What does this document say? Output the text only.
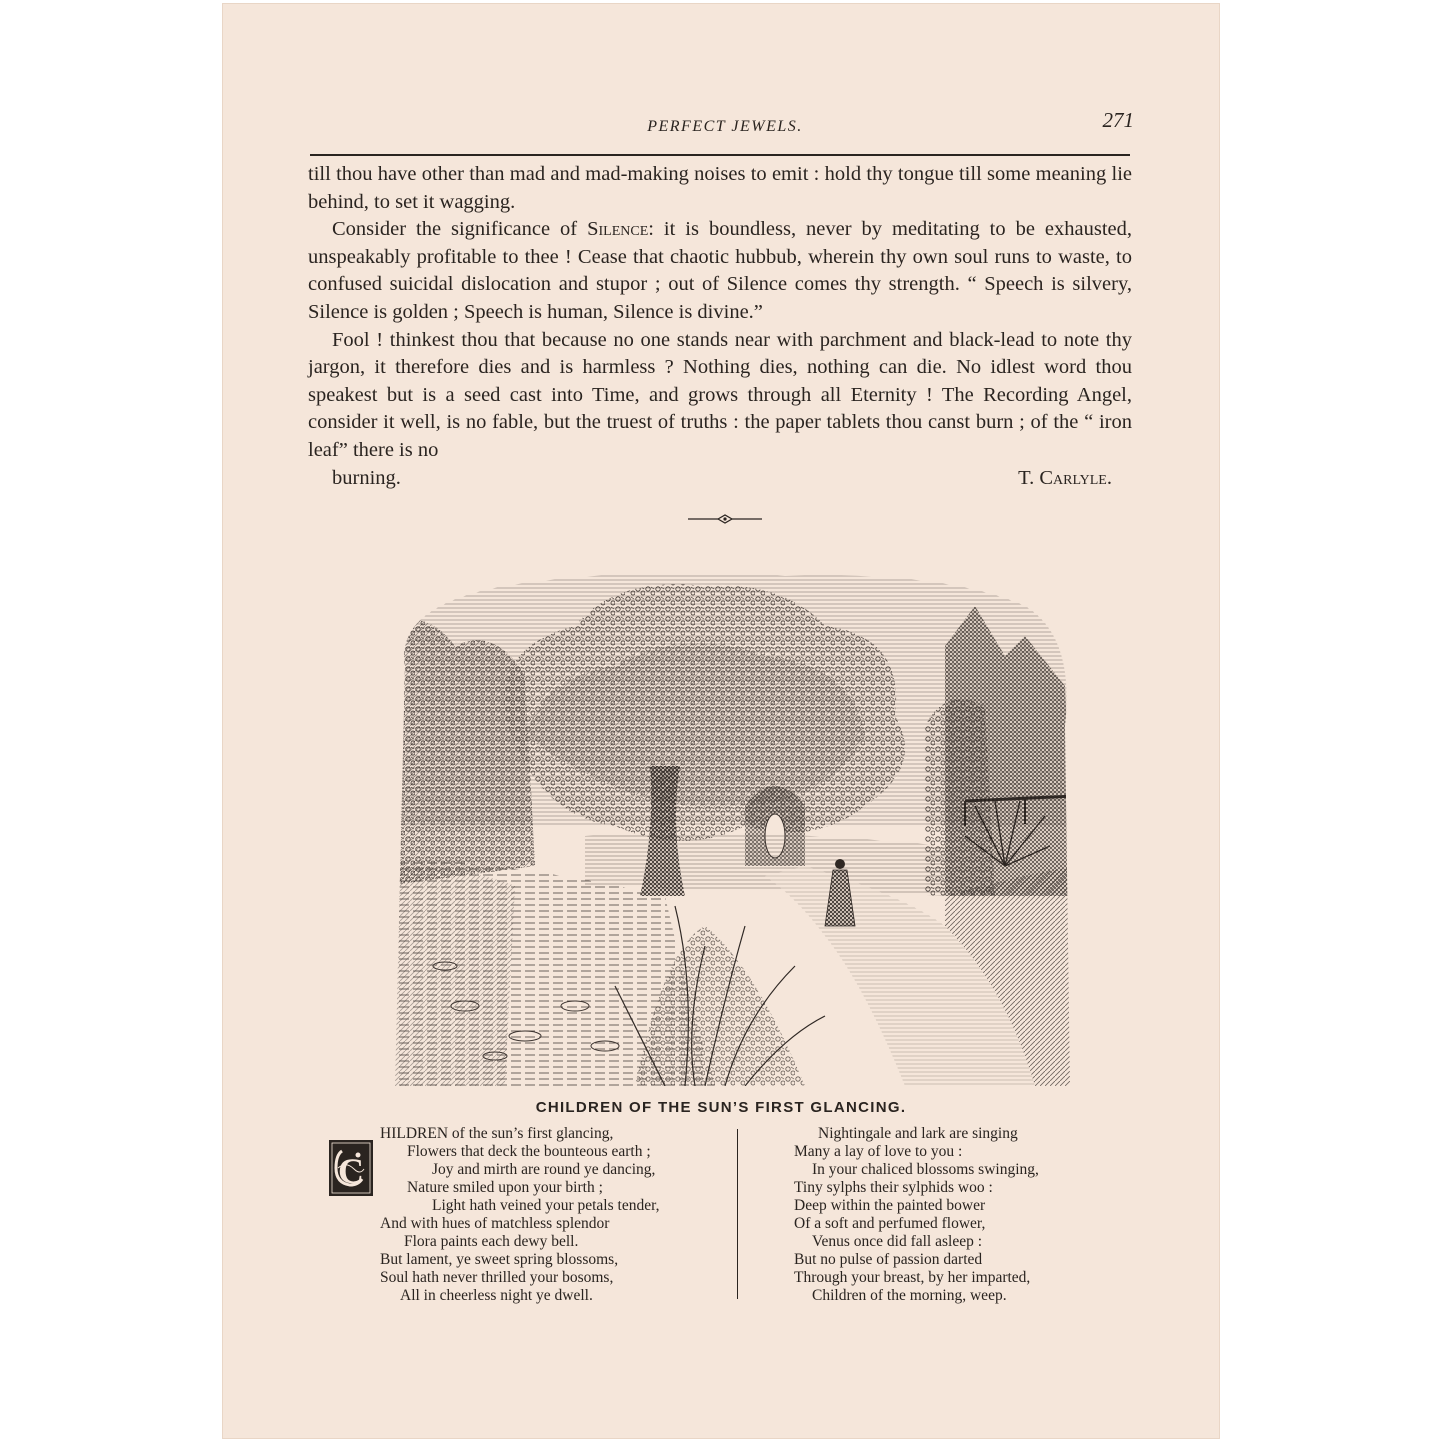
PERFECT JEWELS.	271

till thou have other than mad and mad-making noises to emit : hold thy tongue till some meaning lie behind, to set it wagging.

Consider the significance of Silence: it is boundless, never by meditating to be exhausted, unspeakably profitable to thee ! Cease that chaotic hubbub, wherein thy own soul runs to waste, to confused suicidal dislocation and stupor ; out of Silence comes thy strength. “ Speech is silvery, Silence is golden ; Speech is human, Silence is divine.”

Fool ! thinkest thou that because no one stands near with parchment and black-lead to note thy jargon, it therefore dies and is harmless ? Nothing dies, nothing can die. No idlest word thou speakest but is a seed cast into Time, and grows through all Eternity ! The Recording Angel, consider it well, is no fable, but the truest of truths : the paper tablets thou canst burn ; of the “ iron leaf” there is no

burning.	T. Carlyle.

CHILDREN OF THE SUN’S FIRST GLANCING.
C
HILDREN of the sun’s first glancing,
Flowers that deck the bounteous earth ;
Joy and mirth are round ye dancing,
Nature smiled upon your birth ;
Light hath veined your petals tender,
And with hues of matchless splendor
Flora paints each dewy bell.
But lament, ye sweet spring blossoms,
Soul hath never thrilled your bosoms,
All in cheerless night ye dwell.
Nightingale and lark are singing
Many a lay of love to you :
In your chaliced blossoms swinging,
Tiny sylphs their sylphids woo :
Deep within the painted bower
Of a soft and perfumed flower,
Venus once did fall asleep :
But no pulse of passion darted
Through your breast, by her imparted,
Children of the morning, weep.
